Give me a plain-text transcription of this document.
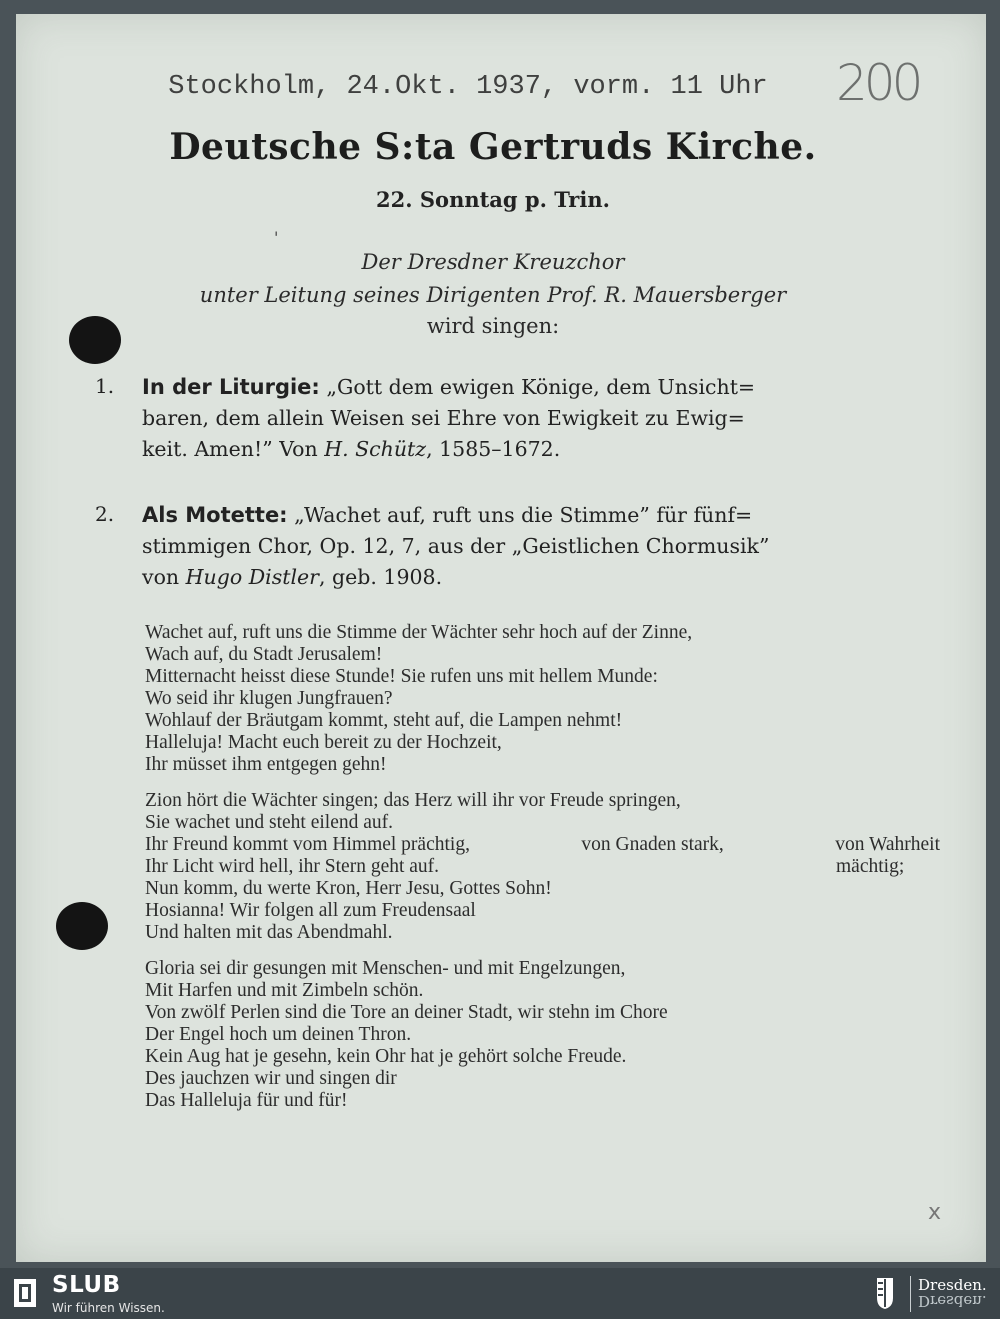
200
x
Stockholm, 24.Okt. 1937, vorm. 11 Uhr
Deutsche S:ta Gertruds Kirche.
22. Sonntag p. Trin.
'
Der Dresdner Kreuzchor
unter Leitung seines Dirigenten Prof. R. Mauersberger
wird singen:
1. In der Liturgie: „Gott dem ewigen Könige, dem Unsicht=
baren, dem allein Weisen sei Ehre von Ewigkeit zu Ewig=
keit. Amen!” Von H. Schütz, 1585–1672.
2. Als Motette: „Wachet auf, ruft uns die Stimme” für fünf=
stimmigen Chor, Op. 12, 7, aus der „Geistlichen Chormusik”
von Hugo Distler, geb. 1908.
Wachet auf, ruft uns die Stimme der Wächter sehr hoch auf der Zinne,
Wach auf, du Stadt Jerusalem!
Mitternacht heisst diese Stunde! Sie rufen uns mit hellem Munde:
Wo seid ihr klugen Jungfrauen?
Wohlauf der Bräutgam kommt, steht auf, die Lampen nehmt!
Halleluja! Macht euch bereit zu der Hochzeit,
Ihr müsset ihm entgegen gehn!
Zion hört die Wächter singen; das Herz will ihr vor Freude springen,
Sie wachet und steht eilend auf.
Ihr Freund kommt vom Himmel prächtig,	von Gnaden stark,	von Wahrheit
Ihr Licht wird hell, ihr Stern geht auf.	mächtig;
Nun komm, du werte Kron, Herr Jesu, Gottes Sohn!
Hosianna! Wir folgen all zum Freudensaal
Und halten mit das Abendmahl.
Gloria sei dir gesungen mit Menschen- und mit Engelzungen,
Mit Harfen und mit Zimbeln schön.
Von zwölf Perlen sind die Tore an deiner Stadt, wir stehn im Chore
Der Engel hoch um deinen Thron.
Kein Aug hat je gesehn, kein Ohr hat je gehört solche Freude.
Des jauchzen wir und singen dir
Das Halleluja für und für!
SLUB
Wir führen Wissen.
Dresden.
Dresden.
